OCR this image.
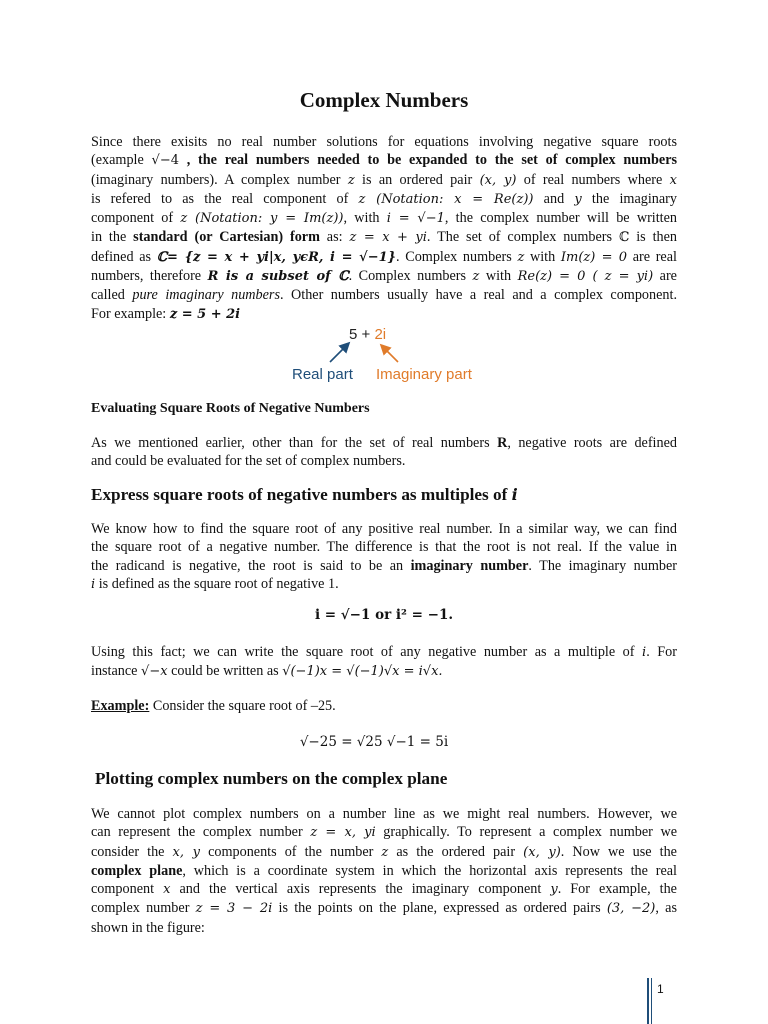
Complex Numbers
Since there exisits no real number solutions for equations involving negative square roots
(example √−4 , the real numbers needed to be expanded to the set of complex numbers
(imaginary numbers). A complex number z is an ordered pair (x, y) of real numbers where x
is refered to as the real component of z (Notation: x = Re(z)) and y the imaginary
component of z (Notation: y = Im(z)), with i = √−1, the complex number will be written
in the standard (or Cartesian) form as: z = x + yi. The set of complex numbers ℂ is then
defined as ℂ= {z = x + yi|x, yϵR, i = √−1}. Complex numbers z with Im(z) = 0 are real
numbers, therefore R is a subset of ℂ. Complex numbers z with Re(z) = 0 ( z = yi) are
called pure imaginary numbers. Other numbers usually have a real and a complex component.
For example: z = 5 + 2i
5 + 2i
Real part Imaginary part
Evaluating Square Roots of Negative Numbers
As we mentioned earlier, other than for the set of real numbers R, negative roots are defined
and could be evaluated for the set of complex numbers.
Express square roots of negative numbers as multiples of i
We know how to find the square root of any positive real number. In a similar way, we can find
the square root of a negative number. The difference is that the root is not real. If the value in
the radicand is negative, the root is said to be an imaginary number. The imaginary number
i is defined as the square root of negative 1.
i = √−1 or i² = −1.
Using this fact; we can write the square root of any negative number as a multiple of i. For
instance √−x could be written as √(−1)x = √(−1)√x = i√x.
Example: Consider the square root of –25.
√−25 = √25 √−1 = 5i
Plotting complex numbers on the complex plane
We cannot plot complex numbers on a number line as we might real numbers. However, we
can represent the complex number z = x, yi graphically. To represent a complex number we
consider the x, y components of the number z as the ordered pair (x, y). Now we use the
complex plane, which is a coordinate system in which the horizontal axis represents the real
component x and the vertical axis represents the imaginary component y. For example, the
complex number z = 3 − 2i is the points on the plane, expressed as ordered pairs (3, −2), as
shown in the figure:
1
